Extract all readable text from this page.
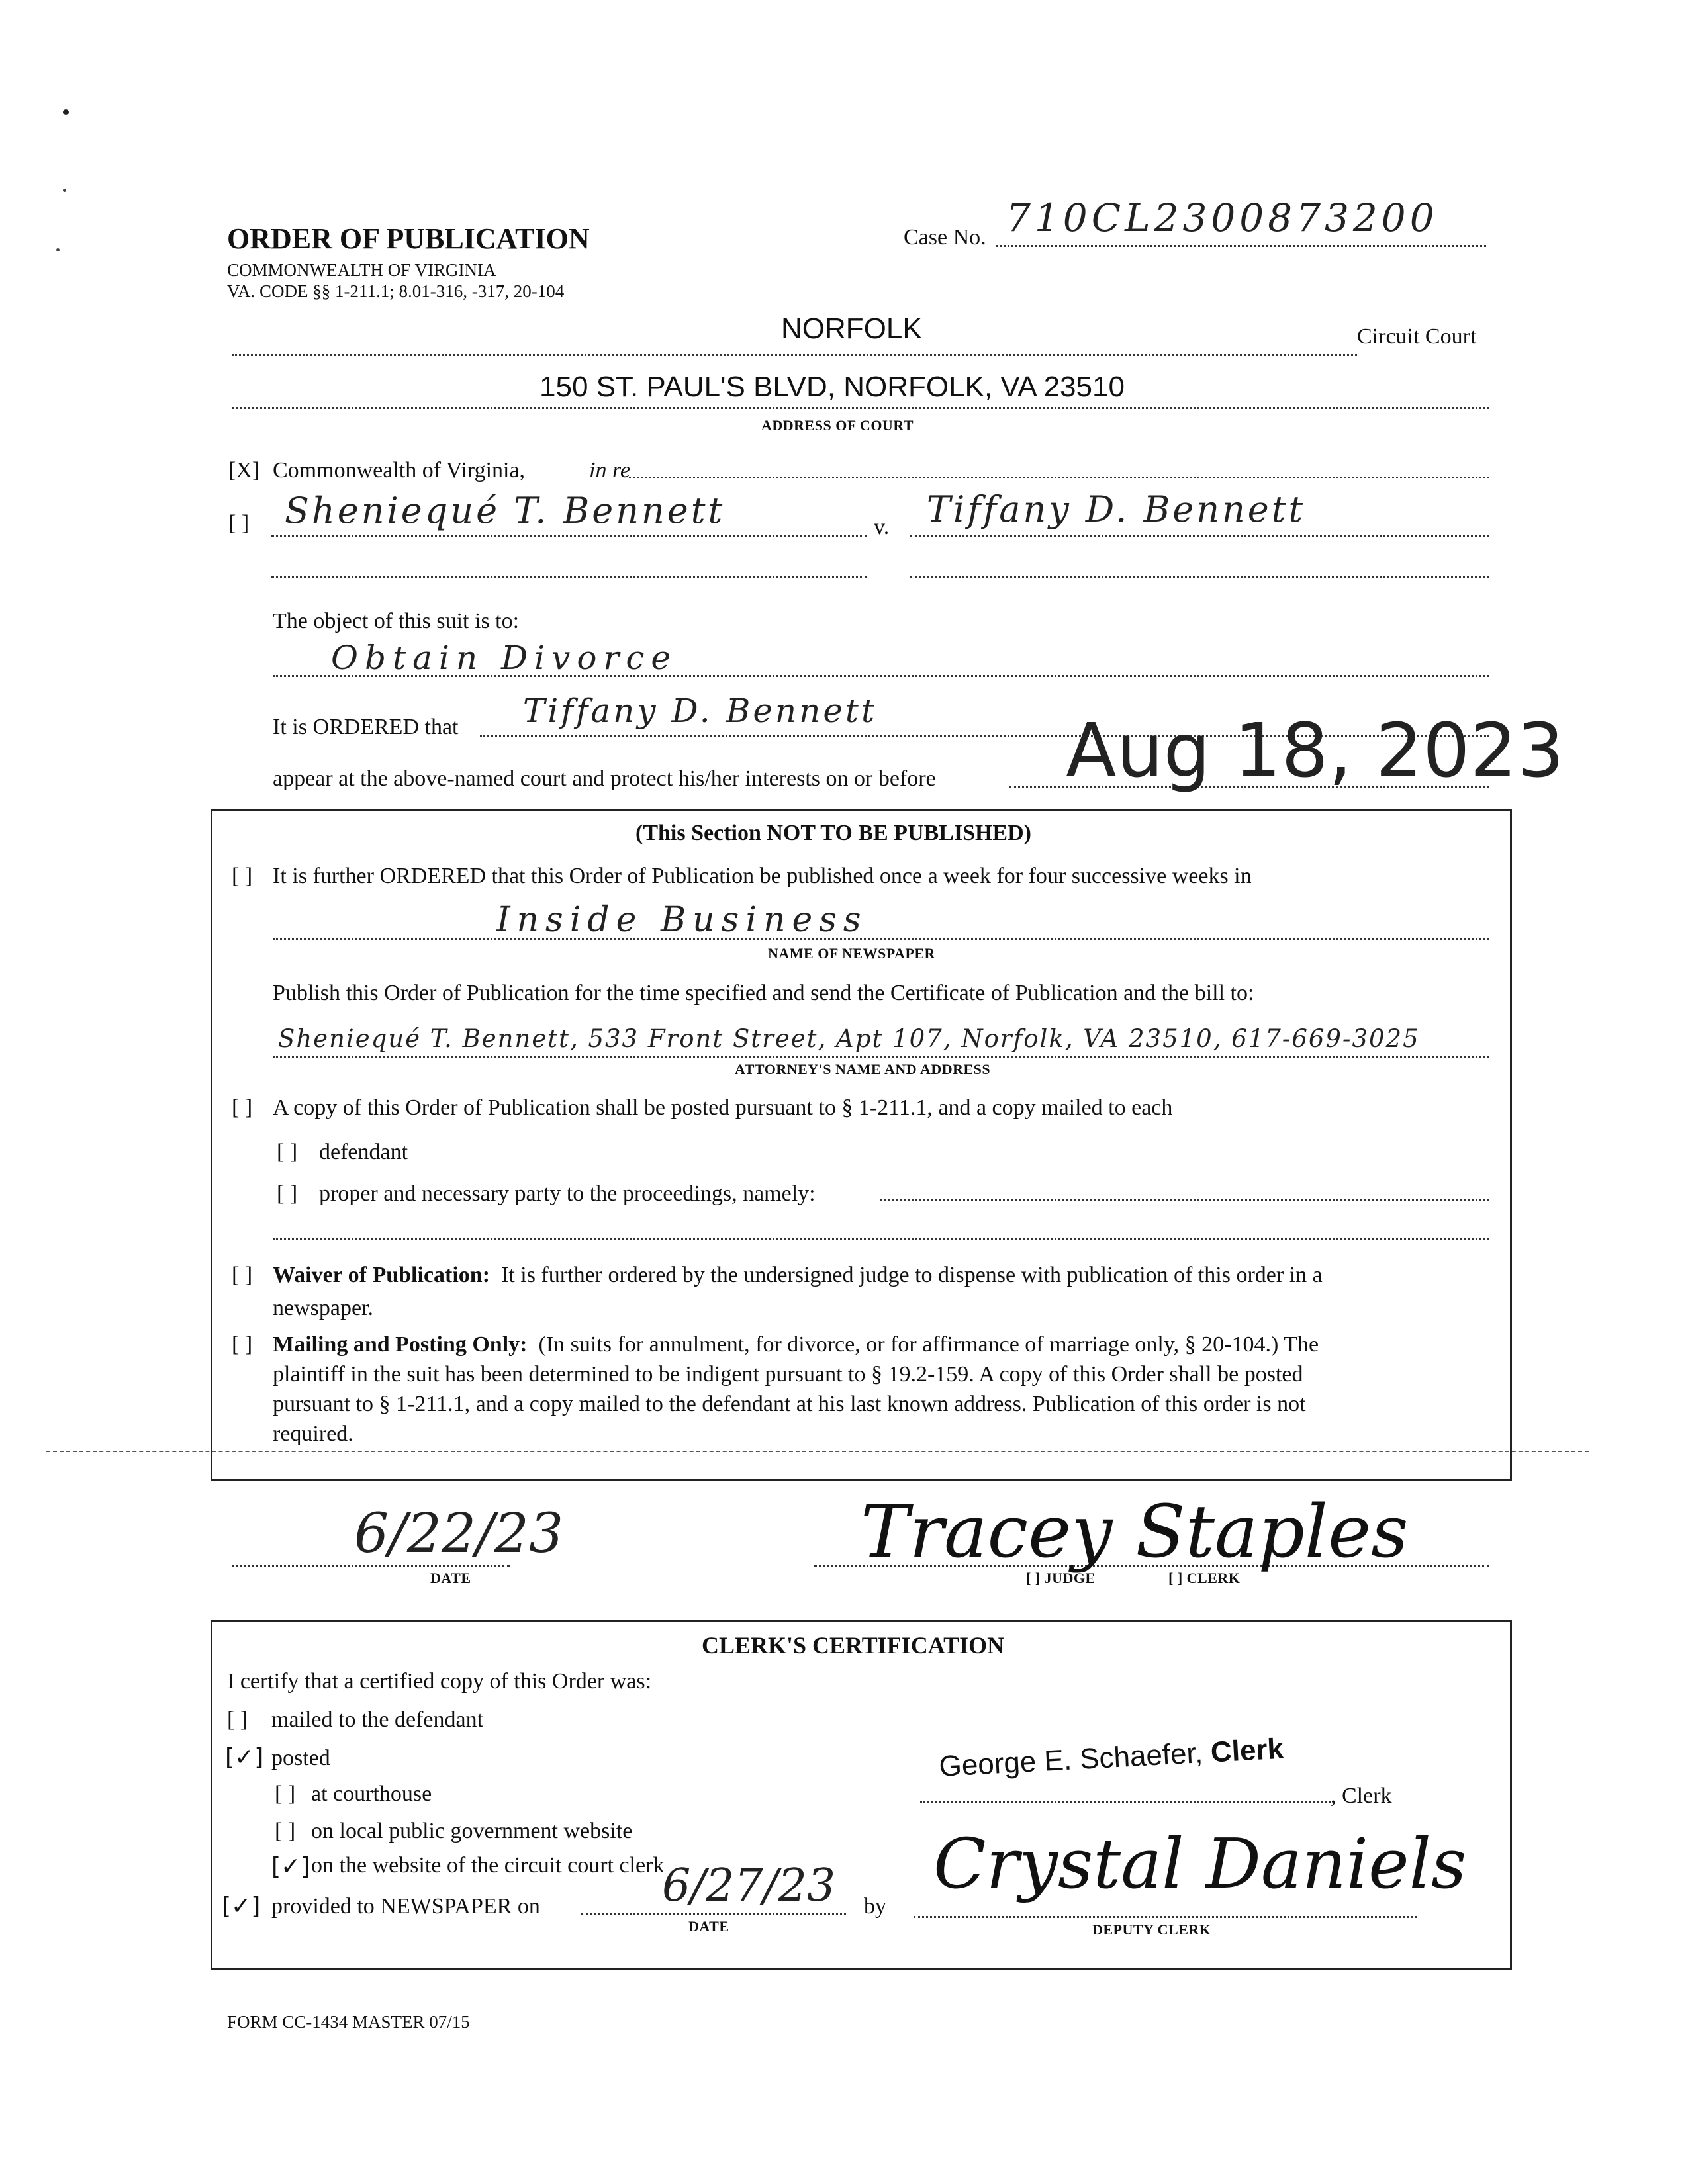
ORDER OF PUBLICATION
COMMONWEALTH OF VIRGINIA
VA. CODE §§ 1-211.1; 8.01-316, -317, 20-104
Case No. 710CL2300873200
NORFOLK	Circuit Court
150 ST. PAUL'S BLVD, NORFOLK, VA 23510
ADDRESS OF COURT
[X] Commonwealth of Virginia,	in re
[ ] Sheniequé T. Bennett	v. Tiffany D. Bennett
The object of this suit is to:
Obtain Divorce
It is ORDERED that Tiffany D. Bennett
appear at the above-named court and protect his/her interests on or before Aug 18, 2023
(This Section NOT TO BE PUBLISHED)
[ ] It is further ORDERED that this Order of Publication be published once a week for four successive weeks in
Inside Business
NAME OF NEWSPAPER
Publish this Order of Publication for the time specified and send the Certificate of Publication and the bill to:
Sheniequé T. Bennett, 533 Front Street, Apt 107, Norfolk, VA 23510, 617-669-3025
ATTORNEY'S NAME AND ADDRESS
[ ] A copy of this Order of Publication shall be posted pursuant to § 1-211.1, and a copy mailed to each
[ ] defendant
[ ] proper and necessary party to the proceedings, namely:
[ ] Waiver of Publication: It is further ordered by the undersigned judge to dispense with publication of this order in a
newspaper.
[ ] Mailing and Posting Only: (In suits for annulment, for divorce, or for affirmance of marriage only, § 20-104.) The
plaintiff in the suit has been determined to be indigent pursuant to § 19.2-159. A copy of this Order shall be posted
pursuant to § 1-211.1, and a copy mailed to the defendant at his last known address. Publication of this order is not
required.
6/22/23
DATE
Tracey Staples
[ ] JUDGE	[ ] CLERK
CLERK'S CERTIFICATION
I certify that a certified copy of this Order was:
[ ] mailed to the defendant
[✓] posted
[ ] at courthouse
[ ] on local public government website
[✓] on the website of the circuit court clerk
[✓] provided to NEWSPAPER on	6/27/23
DATE
by
George E. Schaefer, Clerk
, Clerk
Crystal Daniels
DEPUTY CLERK
FORM CC-1434 MASTER 07/15
